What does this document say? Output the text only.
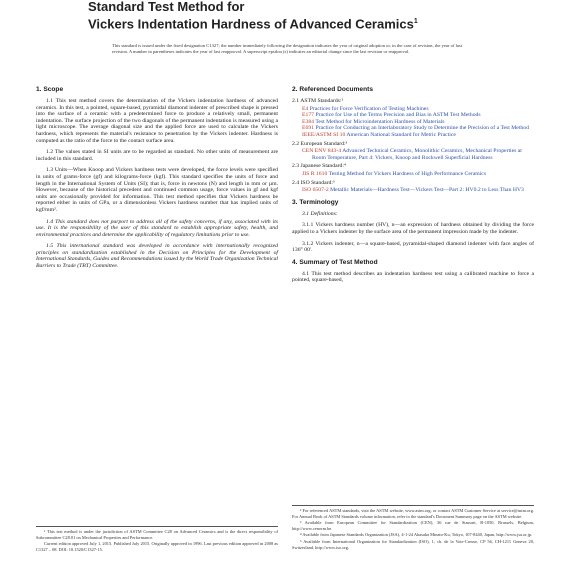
Standard Test Method for
Vickers Indentation Hardness of Advanced Ceramics$^1$
This standard is issued under the fixed designation C1327; the number immediately following the designation indicates the year of original adoption or, in the case of revision, the year of last revision. A number in parentheses indicates the year of last reapproval. A superscript epsilon (ε) indicates an editorial change since the last revision or reapproval.
1. Scope

1.1 This test method covers the determination of the Vickers indentation hardness of advanced ceramics. In this test, a pointed, square-based, pyramidal diamond indenter of prescribed shape is pressed into the surface of a ceramic with a predetermined force to produce a relatively small, permanent indentation. The surface projection of the two diagonals of the permanent indentation is measured using a light microscope. The average diagonal size and the applied force are used to calculate the Vickers hardness, which represents the material's resistance to penetration by the Vickers indenter. Hardness is computed as the ratio of the force to the contact surface area.

1.2 The values stated in SI units are to be regarded as standard. No other units of measurement are included in this standard.

1.3 Units—When Knoop and Vickers hardness tests were developed, the force levels were specified in units of grams-force (gf) and kilograms-force (kgf). This standard specifies the units of force and length in the International System of Units (SI); that is, force in newtons (N) and length in mm or µm. However, because of the historical precedent and continued common usage, force values in gf and kgf units are occasionally provided for information. This test method specifies that Vickers hardness be reported either in units of GPa, or a dimensionless Vickers hardness number that has implied units of kgf/mm².

1.4 This standard does not purport to address all of the safety concerns, if any, associated with its use. It is the responsibility of the user of this standard to establish appropriate safety, health, and environmental practices and determine the applicability of regulatory limitations prior to use.

1.5 This international standard was developed in accordance with internationally recognized principles on standardization established in the Decision on Principles for the Development of International Standards, Guides and Recommendations issued by the World Trade Organization Technical Barriers to Trade (TBT) Committee.

¹ This test method is under the jurisdiction of ASTM Committee C28 on Advanced Ceramics and is the direct responsibility of Subcommittee C28.01 on Mechanical Properties and Performance.

Current edition approved July 1, 2015. Published July 2015. Originally approved in 1996. Last previous edition approved in 2008 as C1327 – 08. DOI: 10.1520/C1327-15.

2. Referenced Documents

2.1 ASTM Standards:²

E4 Practices for Force Verification of Testing Machines

E177 Practice for Use of the Terms Precision and Bias in ASTM Test Methods

E384 Test Method for Microindentation Hardness of Materials

E691 Practice for Conducting an Interlaboratory Study to Determine the Precision of a Test Method

IEEE/ASTM SI 10 American National Standard for Metric Practice

2.2 European Standard:³

CEN ENV 843-4 Advanced Technical Ceramics, Monolithic Ceramics, Mechanical Properties at Room Temperature, Part 4: Vickers, Knoop and Rockwell Superficial Hardness

2.3 Japanese Standard:⁴

JIS R 1610 Testing Method for Vickers Hardness of High Performance Ceramics

2.4 ISO Standard:⁵

ISO 6507-2 Metallic Materials—Hardness Test—Vickers Test—Part 2: HV0.2 to Less Than HV3

3. Terminology

3.1 Definitions:

3.1.1 Vickers hardness number (HV), n—an expression of hardness obtained by dividing the force applied to a Vickers indenter by the surface area of the permanent impression made by the indenter.

3.1.2 Vickers indenter, n—a square-based, pyramidal-shaped diamond indenter with face angles of 136° 00′.

4. Summary of Test Method

4.1 This test method describes an indentation hardness test using a calibrated machine to force a pointed, square-based,

² For referenced ASTM standards, visit the ASTM website, www.astm.org, or contact ASTM Customer Service at service@astm.org. For Annual Book of ASTM Standards volume information, refer to the standard's Document Summary page on the ASTM website.

³ Available from European Committee for Standardization (CEN), 36 rue de Stassart, B-1050, Brussels, Belgium, http://www.cenorm.be.

⁴ Available from Japanese Standards Organization (JSA), 4-1-24 Akasaka Minato-Ku, Tokyo, 107-8440, Japan, http://www.jsa.or.jp.

⁵ Available from International Organization for Standardization (ISO), 1, ch. de la Voie-Creuse, CP 56, CH-1211 Geneva 20, Switzerland, http://www.iso.org.
